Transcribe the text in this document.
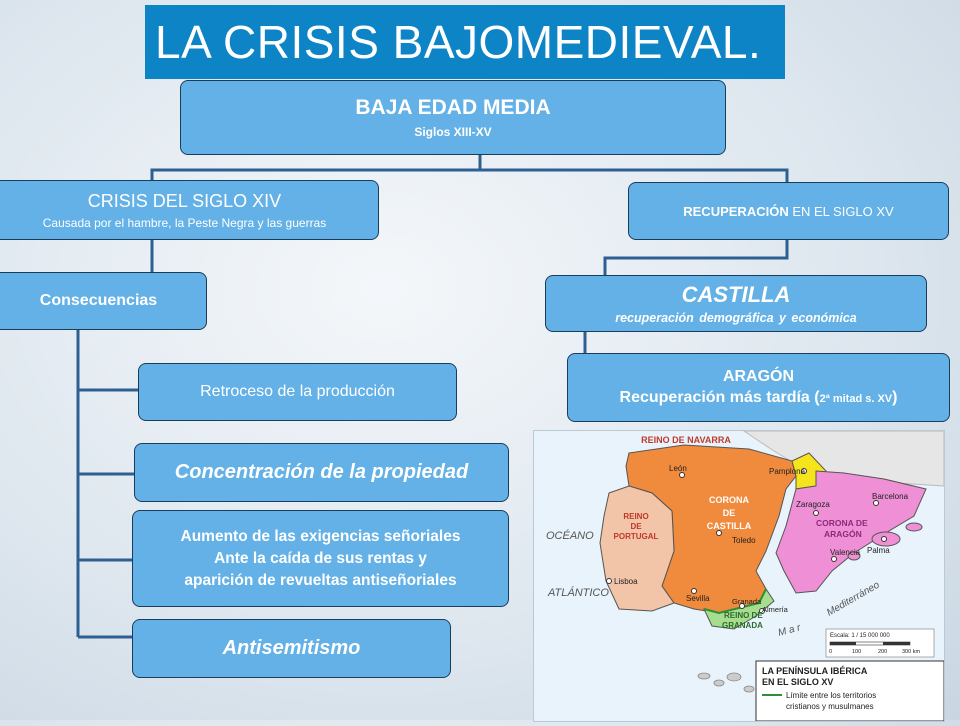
LA CRISIS BAJOMEDIEVAL.
BAJA EDAD MEDIA
Siglos XIII-XV
CRISIS DEL SIGLO XIV
Causada por el hambre, la Peste Negra y las guerras
Consecuencias
Retroceso de la producción
Concentración de la propiedad
Aumento de las exigencias señoriales
Ante la caída de sus rentas y
aparición de revueltas antiseñoriales
Antisemitismo
RECUPERACIÓN EN EL SIGLO XV
CASTILLA
recuperación demográfica y económica
ARAGÓN
Recuperación más tardía (2ª mitad s. XV)
REINO DE NAVARRA
León	Pamplona
CORONA
DE
CASTILLA
Toledo
Zaragoza
Barcelona
CORONA DE
ARAGÓN
REINO
DE
PORTUGAL
Lisboa
Sevilla	Granada
Almería
REINO DE
GRANADA
Palma
Valencia
OCÉANO
ATLÁNTICO
M a r
Mediterráneo
Escala: 1 / 15 000 000
0	100	200	300 km
LA PENÍNSULA IBÉRICA
EN EL SIGLO XV
Límite entre los territorios
cristianos y musulmanes
